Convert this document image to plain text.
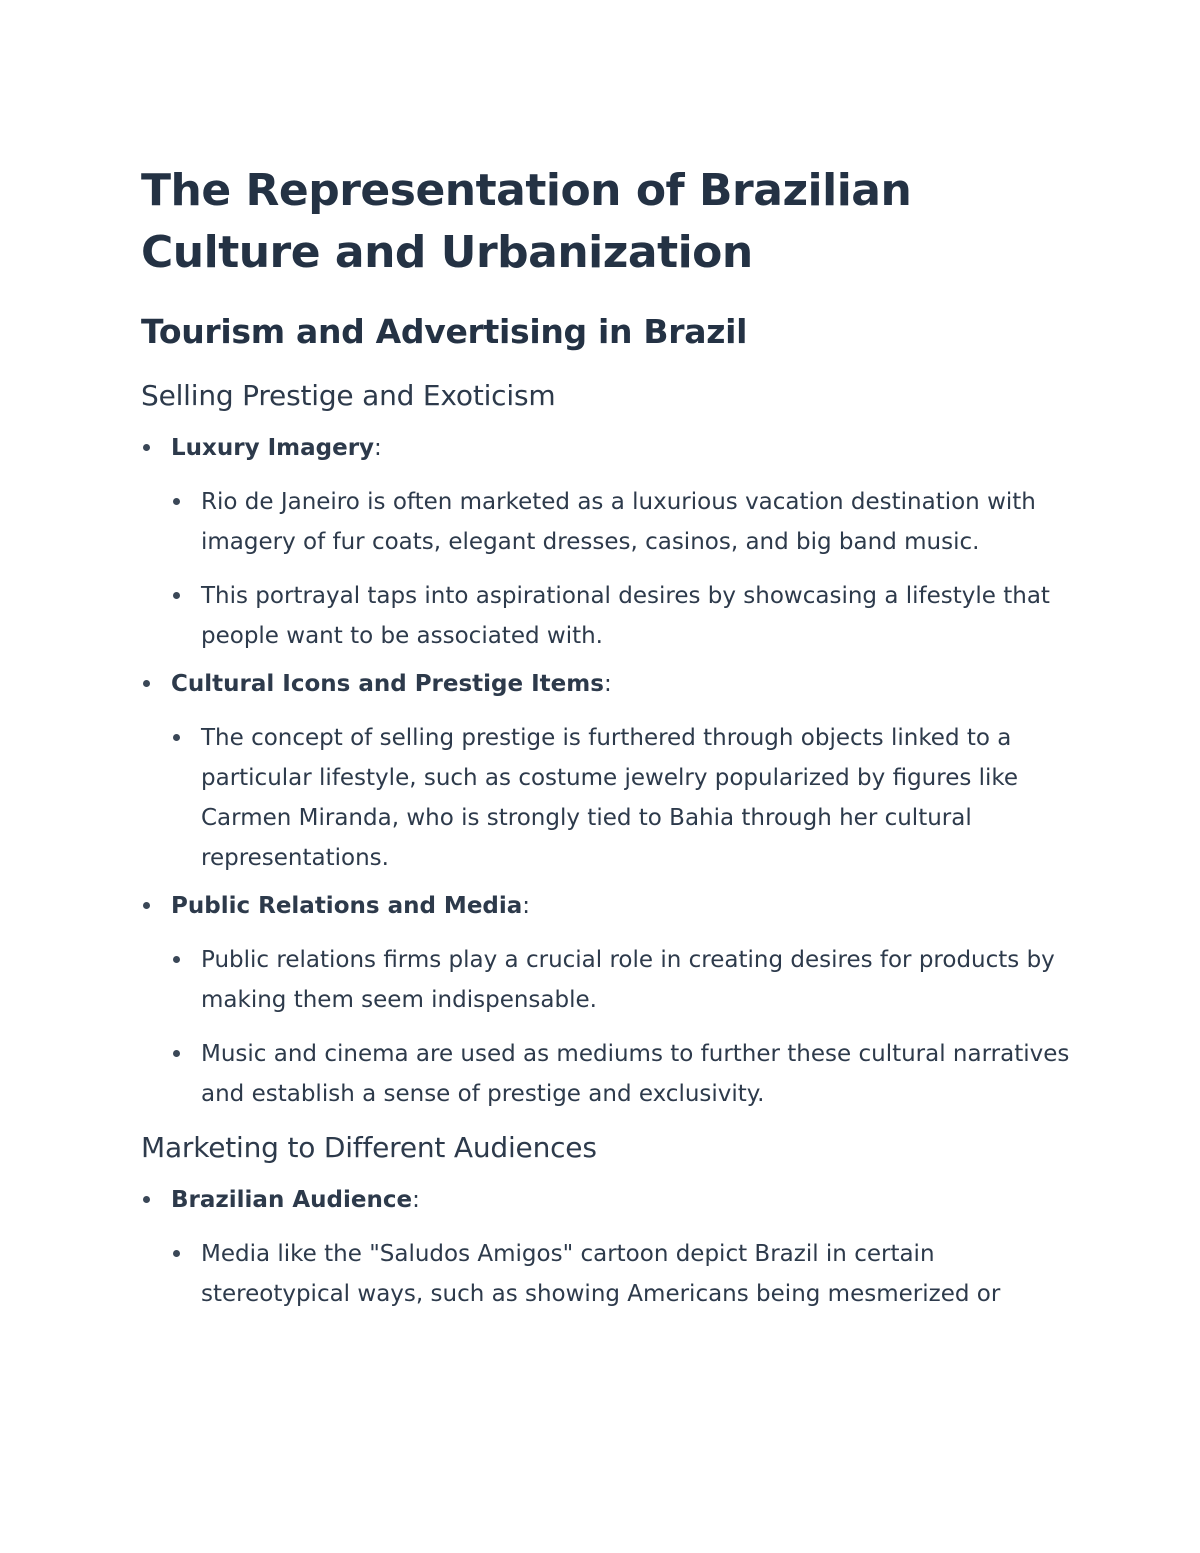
The Representation of Brazilian Culture and Urbanization
Tourism and Advertising in Brazil
Selling Prestige and Exoticism
Luxury Imagery:
Rio de Janeiro is often marketed as a luxurious vacation destination with imagery of fur coats, elegant dresses, casinos, and big band music.
This portrayal taps into aspirational desires by showcasing a lifestyle that people want to be associated with.
Cultural Icons and Prestige Items:
The concept of selling prestige is furthered through objects linked to a particular lifestyle, such as costume jewelry popularized by figures like Carmen Miranda, who is strongly tied to Bahia through her cultural representations.
Public Relations and Media:
Public relations firms play a crucial role in creating desires for products by making them seem indispensable.
Music and cinema are used as mediums to further these cultural narratives and establish a sense of prestige and exclusivity.
Marketing to Different Audiences
Brazilian Audience:
Media like the "Saludos Amigos" cartoon depict Brazil in certain stereotypical ways, such as showing Americans being mesmerized or
